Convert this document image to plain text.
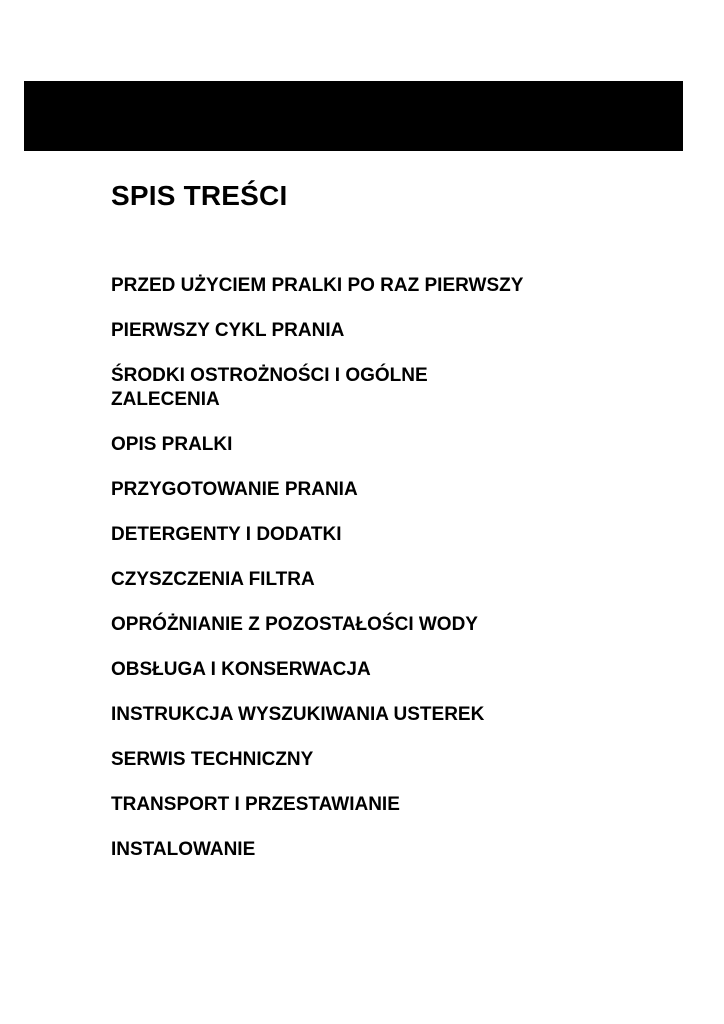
SPIS TREŚCI
PRZED UŻYCIEM PRALKI PO RAZ PIERWSZY
PIERWSZY CYKL PRANIA
ŚRODKI OSTROŻNOŚCI I OGÓLNE ZALECENIA
OPIS PRALKI
PRZYGOTOWANIE PRANIA
DETERGENTY I DODATKI
CZYSZCZENIA FILTRA
OPRÓŻNIANIE Z POZOSTAŁOŚCI WODY
OBSŁUGA I KONSERWACJA
INSTRUKCJA WYSZUKIWANIA USTEREK
SERWIS TECHNICZNY
TRANSPORT I PRZESTAWIANIE
INSTALOWANIE
